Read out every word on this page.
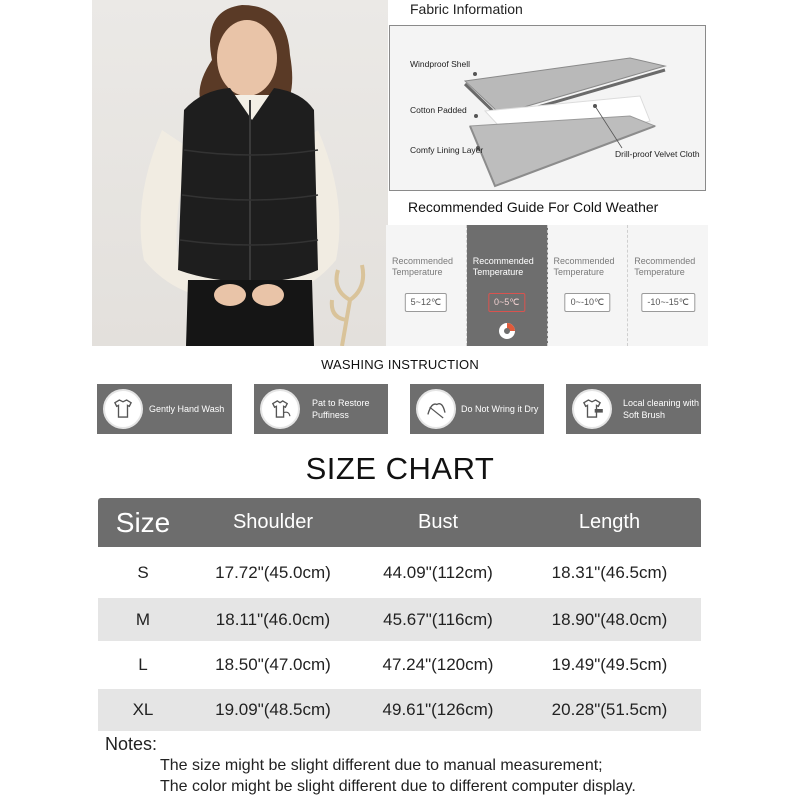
Fabric Information
Windproof Shell
Cotton Padded
Comfy Lining Layer	Drill-proof Velvet Cloth
Recommended Guide For Cold Weather
Recommended
Temperature
5~12℃
Recommended
Temperature
0~5℃
Recommended
Temperature
0~-10℃
Recommended
Temperature
-10~-15℃
WASHING INSTRUCTION
Gently Hand Wash
Pat to Restore
Puffiness
Do Not Wring it Dry
Local cleaning with
Soft Brush
SIZE CHART
Size	Shoulder	Bust	Length
S	17.72"(45.0cm)	44.09"(112cm)	18.31"(46.5cm)
M	18.11"(46.0cm)	45.67"(116cm)	18.90"(48.0cm)
L	18.50"(47.0cm)	47.24"(120cm)	19.49"(49.5cm)
XL	19.09"(48.5cm)	49.61"(126cm)	20.28"(51.5cm)
Notes:
The size might be slight different due to manual measurement;
The color might be slight different due to different computer display.
